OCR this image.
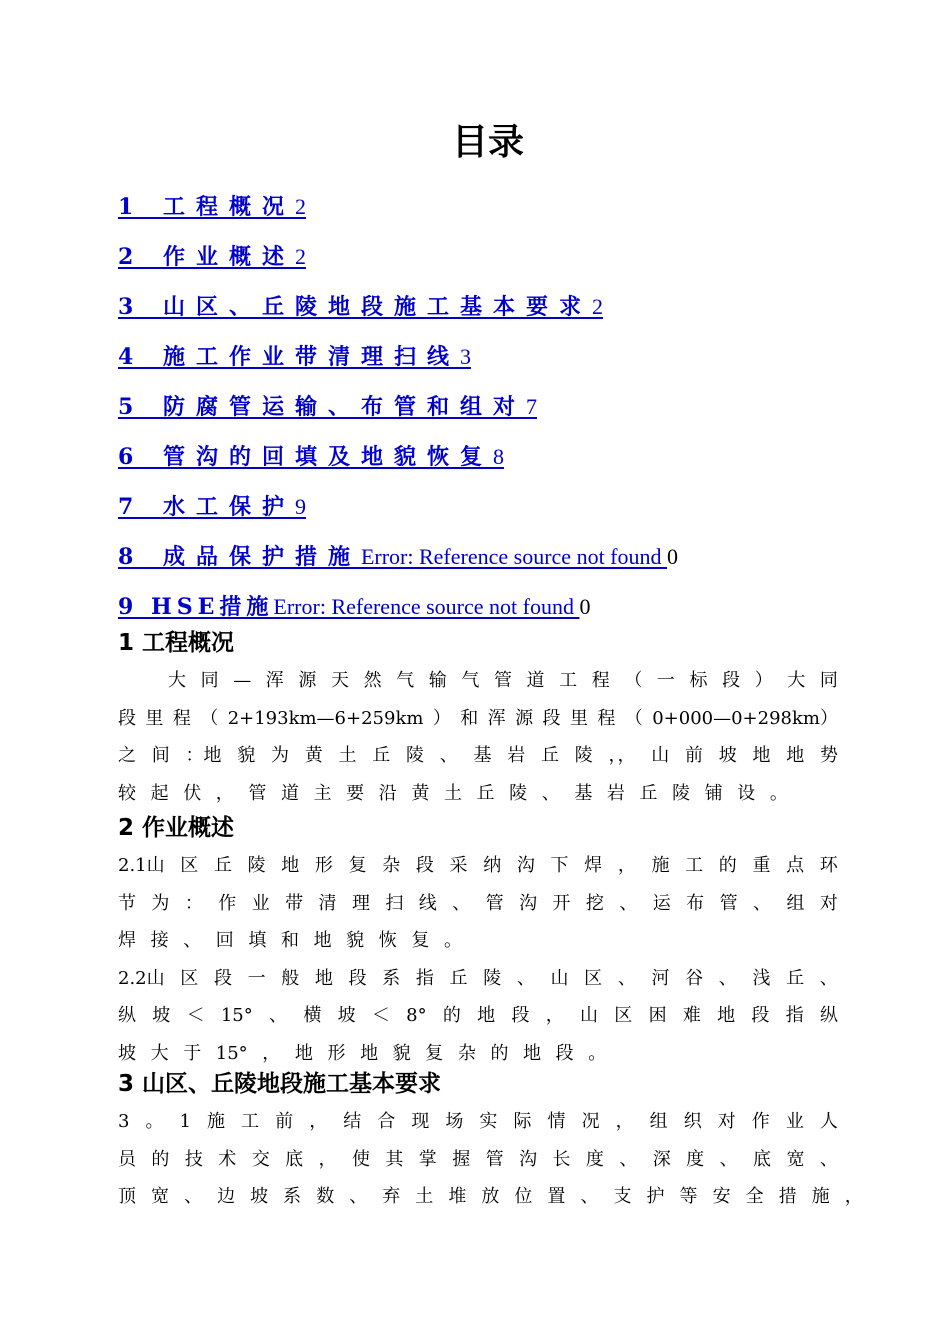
目录
1 工程概况2
2 作业概述2
3 山区、丘陵地段施工基本要求2
4 施工作业带清理扫线3
5 防腐管运输、布管和组对7
6 管沟的回填及地貌恢复8
7 水工保护9
8 成品保护措施Error: Reference source not found 0
9 HSE措施Error: Reference source not found 0
1 工程概况
大 同 — 浑 源 天 然 气 输 气 管 道 工 程 （ 一 标 段 ） 大 同
段 里 程 （ 2+193km—6+259km ） 和 浑 源 段 里 程 （ 0+000—0+298km）
之 间 ：地 貌 为 黄 土 丘 陵 、 基 岩 丘 陵 ，， 山 前 坡 地 地 势
较 起 伏 ， 管 道 主 要 沿 黄 土 丘 陵 、 基 岩 丘 陵 铺 设 。
2 作业概述
2.1山 区 丘 陵 地 形 复 杂 段 采 纳 沟 下 焊 ， 施 工 的 重 点 环
节 为 ： 作 业 带 清 理 扫 线 、 管 沟 开 挖 、 运 布 管 、 组 对
焊 接 、 回 填 和 地 貌 恢 复 。
2.2山 区 段 一 般 地 段 系 指 丘 陵 、 山 区 、 河 谷 、 浅 丘 、
纵 坡 ＜ 15° 、 横 坡 ＜ 8° 的 地 段 ， 山 区 困 难 地 段 指 纵
坡 大 于 15° ， 地 形 地 貌 复 杂 的 地 段 。
3 山区、丘陵地段施工基本要求
3 。 1 施 工 前 ， 结 合 现 场 实 际 情 况 ， 组 织 对 作 业 人
员 的 技 术 交 底 ， 使 其 掌 握 管 沟 长 度 、 深 度 、 底 宽 、
顶 宽 、 边 坡 系 数 、 弃 土 堆 放 位 置 、 支 护 等 安 全 措 施 ，
